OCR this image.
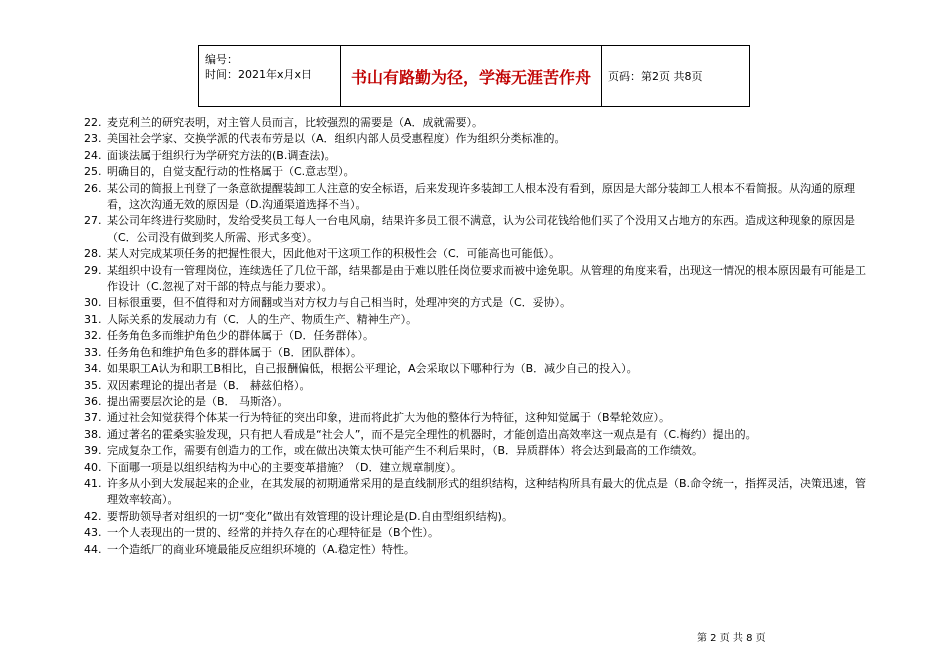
编号：
时间：2021年x月x日	书山有路勤为径，学海无涯苦作舟	页码：第2页 共8页
22. 麦克利兰的研究表明，对主管人员而言，比较强烈的需要是（A．成就需要）。
23. 美国社会学家、交换学派的代表布劳是以（A．组织内部人员受惠程度）作为组织分类标准的。
24. 面谈法属于组织行为学研究方法的(B.调查法)。
25. 明确目的，自觉支配行动的性格属于（C.意志型）。
26. 某公司的简报上刊登了一条意欲提醒装卸工人注意的安全标语，后来发现许多装卸工人根本没有看到，原因是大部分装卸工人根本不看简报。从沟通的原理看，这次沟通无效的原因是（D.沟通渠道选择不当）。
27. 某公司年终进行奖励时，发给受奖员工每人一台电风扇，结果许多员工很不满意，认为公司花钱给他们买了个没用又占地方的东西。造成这种现象的原因是（C．公司没有做到奖人所需、形式多变）。
28. 某人对完成某项任务的把握性很大，因此他对干这项工作的积极性会（C．可能高也可能低）。
29. 某组织中设有一管理岗位，连续选任了几位干部，结果都是由于难以胜任岗位要求而被中途免职。从管理的角度来看，出现这一情况的根本原因最有可能是工作设计（C.忽视了对干部的特点与能力要求）。
30. 目标很重要，但不值得和对方闹翻或当对方权力与自己相当时，处理冲突的方式是（C．妥协）。
31. 人际关系的发展动力有（C．人的生产、物质生产、精神生产）。
32. 任务角色多而维护角色少的群体属于（D．任务群体）。
33. 任务角色和维护角色多的群体属于（B．团队群体）。
34. 如果职工A认为和职工B相比，自己报酬偏低，根据公平理论，A会采取以下哪种行为（B．减少自己的投入）。
35. 双因素理论的提出者是（B． 赫兹伯格）。
36. 提出需要层次论的是（B． 马斯洛）。
37. 通过社会知觉获得个体某一行为特征的突出印象，进而将此扩大为他的整体行为特征，这种知觉属于（B晕轮效应）。
38. 通过著名的霍桑实验发现，只有把人看成是“社会人”，而不是完全理性的机器时，才能创造出高效率这一观点是有（C.梅约）提出的。
39. 完成复杂工作，需要有创造力的工作，或在做出决策太快可能产生不利后果时，（B．异质群体）将会达到最高的工作绩效。
40. 下面哪一项是以组织结构为中心的主要变革措施？（D．建立规章制度）。
41. 许多从小到大发展起来的企业，在其发展的初期通常采用的是直线制形式的组织结构，这种结构所具有最大的优点是（B.命令统一，指挥灵活，决策迅速，管理效率较高）。
42. 要帮助领导者对组织的一切“变化”做出有效管理的设计理论是(D.自由型组织结构)。
43. 一个人表现出的一贯的、经常的并持久存在的心理特征是（B个性）。
44. 一个造纸厂的商业环境最能反应组织环境的（A.稳定性）特性。
第 2 页 共 8 页
